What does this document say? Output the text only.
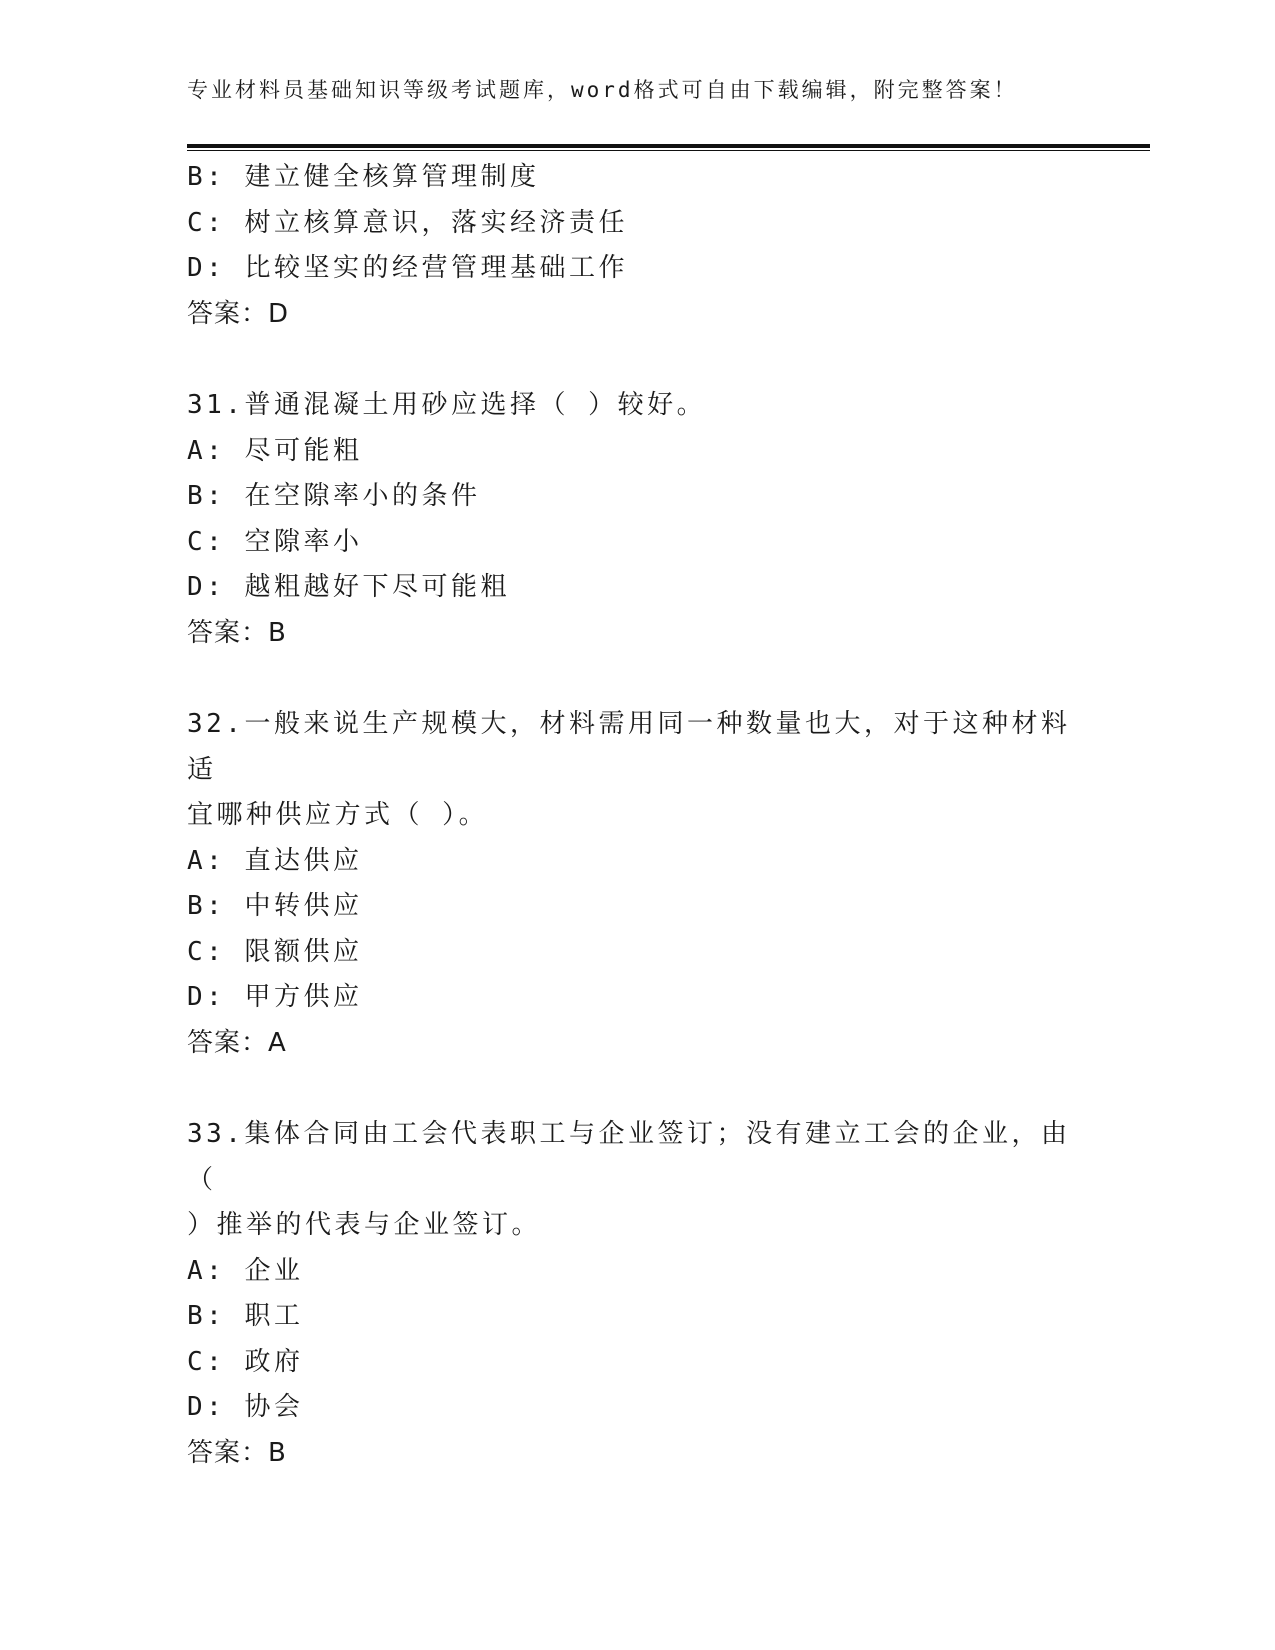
专业材料员基础知识等级考试题库，word格式可自由下载编辑，附完整答案！
B: 建立健全核算管理制度
C: 树立核算意识，落实经济责任
D: 比较坚实的经营管理基础工作
答案：D
31.普通混凝土用砂应选择（ ）较好。
A: 尽可能粗
B: 在空隙率小的条件
C: 空隙率小
D: 越粗越好下尽可能粗
答案：B
32.一般来说生产规模大，材料需用同一种数量也大，对于这种材料适
宜哪种供应方式（ ）。
A: 直达供应
B: 中转供应
C: 限额供应
D: 甲方供应
答案：A
33.集体合同由工会代表职工与企业签订；没有建立工会的企业，由（
）推举的代表与企业签订。
A: 企业
B: 职工
C: 政府
D: 协会
答案：B
